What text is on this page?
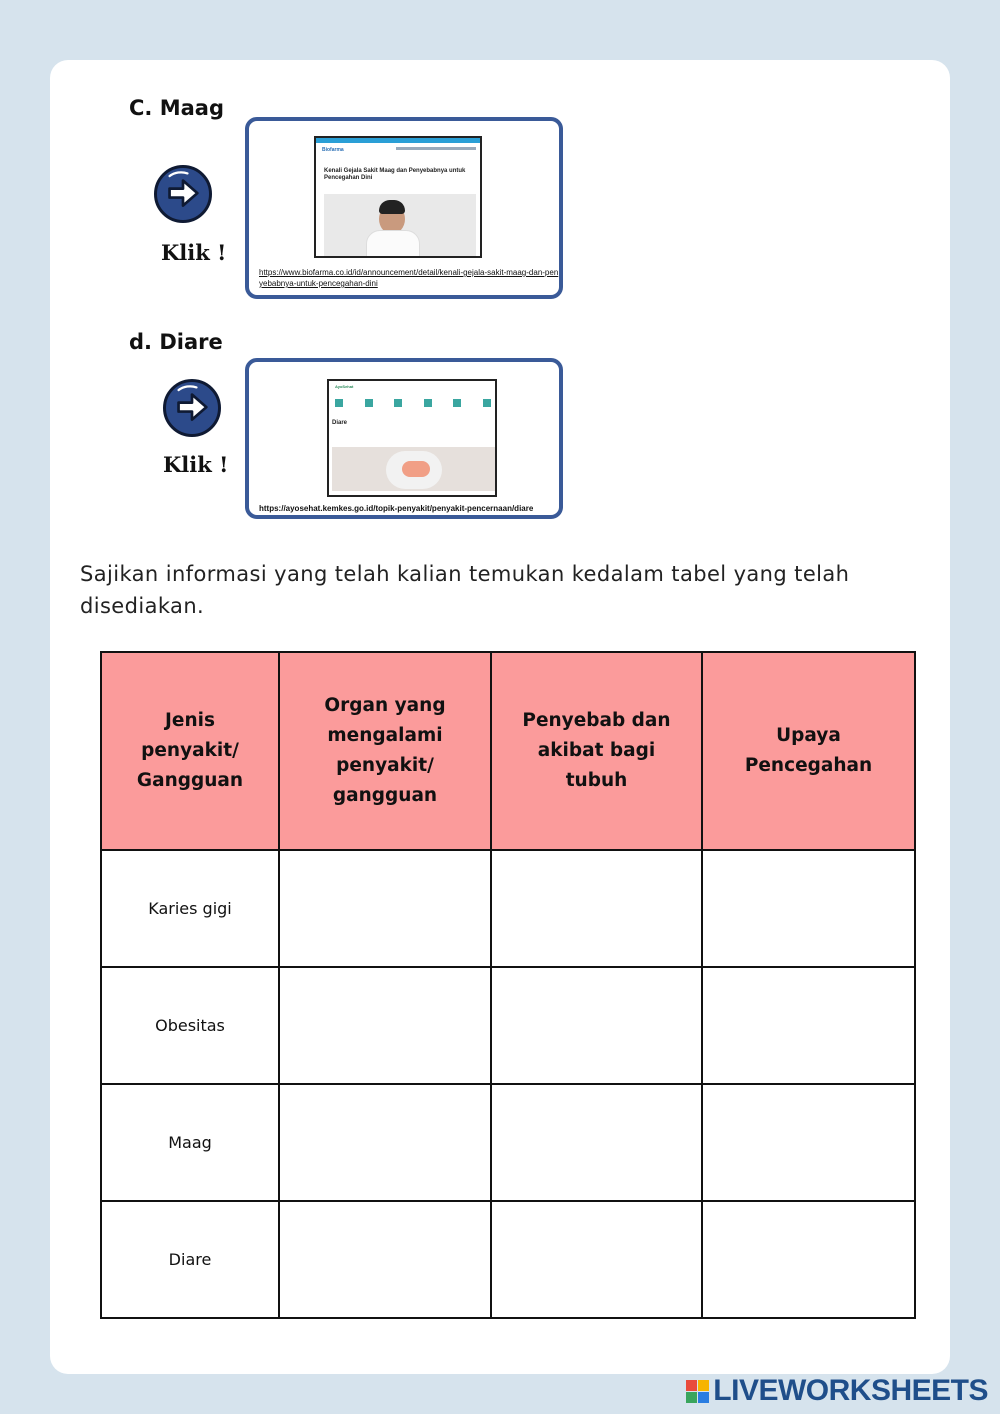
C. Maag
Klik !
Biofarma
Kenali Gejala Sakit Maag dan Penyebabnya untuk Pencegahan Dini
https://www.biofarma.co.id/id/announcement/detail/kenali-gejala-sakit-maag-dan-penyebabnya-untuk-pencegahan-dini
d. Diare
Klik !
AyoSehat
Diare
https://ayosehat.kemkes.go.id/topik-penyakit/penyakit-pencernaan/diare
Sajikan informasi yang telah kalian temukan kedalam tabel yang telah disediakan.
Jenis penyakit/ Gangguan	Organ yang mengalami penyakit/ gangguan	Penyebab dan akibat bagi tubuh	Upaya Pencegahan
Karies gigi			
Obesitas			
Maag			
Diare			
LIVEWORKSHEETS
